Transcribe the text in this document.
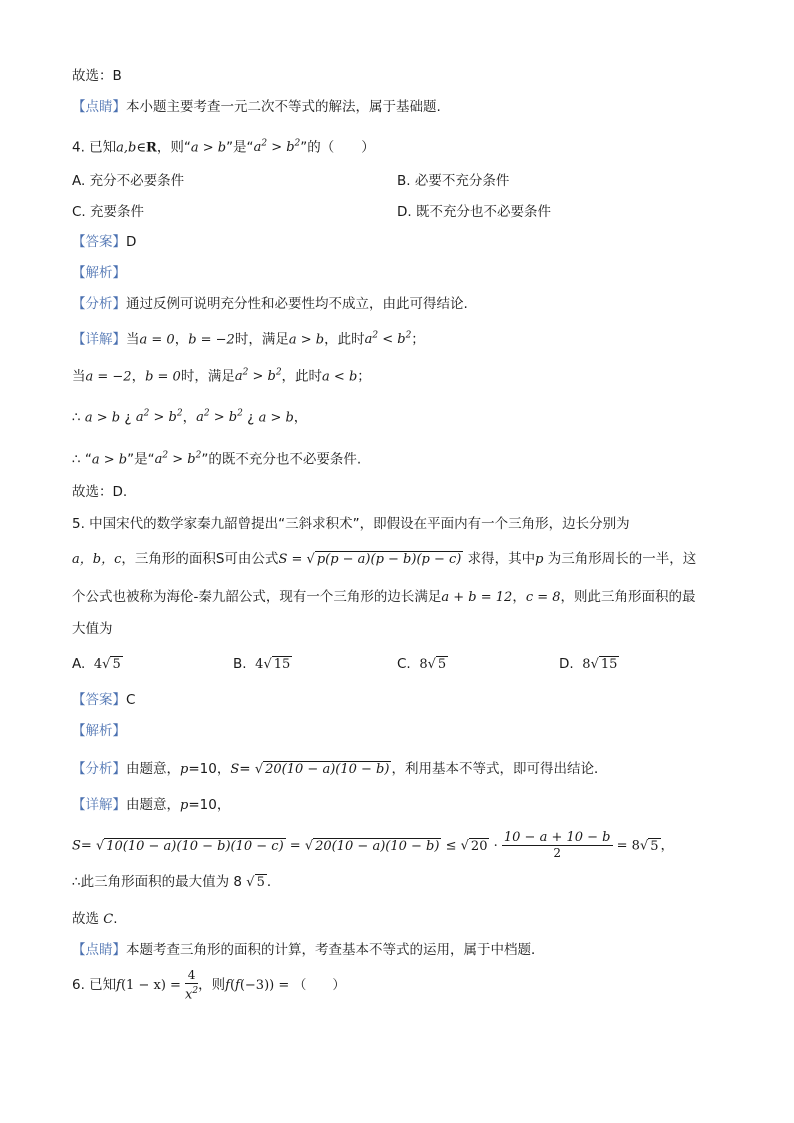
故选：B
【点睛】本小题主要考查一元二次不等式的解法，属于基础题.
4. 已知a,b∈R，则“a > b”是“$a^2 > b^2$”的（　　）
A. 充分不必要条件	B. 必要不充分条件
C. 充要条件	D. 既不充分也不必要条件
【答案】D
【解析】
【分析】通过反例可说明充分性和必要性均不成立，由此可得结论.
【详解】当a = 0，b = −2时，满足a > b，此时$a^2 < b^2$；
当a = −2，b = 0时，满足$a^2 > b^2$，此时a < b；
∴ a > b ¿ $a^2 > b^2$，$a^2 > b^2$ ¿ a > b，
∴ “a > b”是“$a^2 > b^2$”的既不充分也不必要条件.
故选：D.
5. 中国宋代的数学家秦九韶曾提出“三斜求积术”，即假设在平面内有一个三角形，边长分别为
a，b，c，三角形的面积S可由公式S = √ p(p − a)(p − b)(p − c) 求得，其中p 为三角形周长的一半，这
个公式也被称为海伦-秦九韶公式，现有一个三角形的边长满足a + b = 12，c = 8，则此三角形面积的最
大值为
A. 4√ 5	B. 4√ 15	C. 8√ 5	D. 8√ 15
【答案】C
【解析】
【分析】由题意，p=10，S= √ 20(10 − a)(10 − b) ，利用基本不等式，即可得出结论．
【详解】由题意，p=10，
S= √ 10(10 − a)(10 − b)(10 − c) = √ 20(10 − a)(10 − b) ≤ √ $20 \cdot \frac{10 - a + 10 - b}{2} = 8√$ 5 ，
∴此三角形面积的最大值为 8 √ 5 ．
故选 C.
【点睛】本题考查三角形的面积的计算，考查基本不等式的运用，属于中档题．
6. 已知$f(1 - x) = \frac{4}{x^2}$ ，则f(f(−3)) = （　　）
